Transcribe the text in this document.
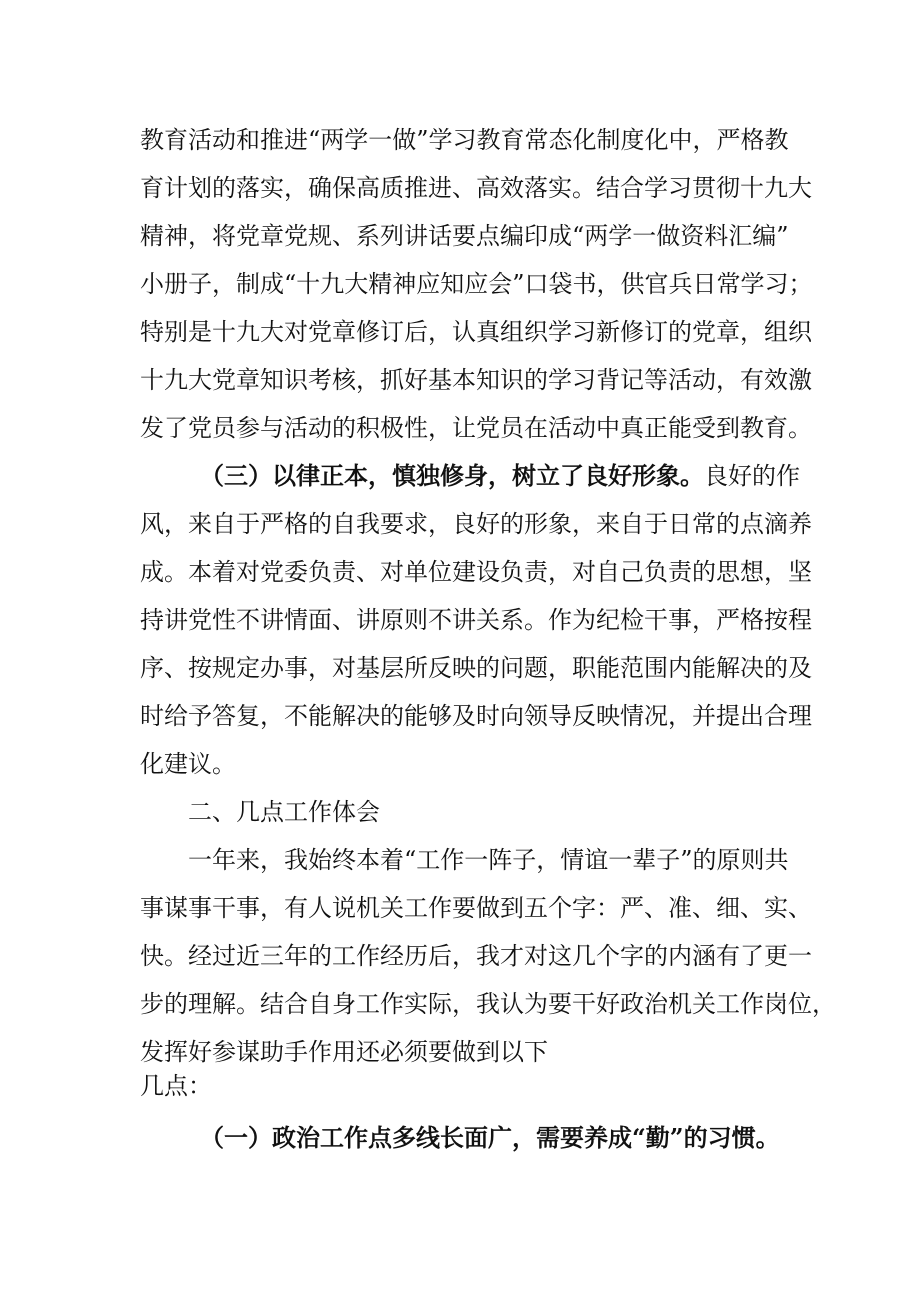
教育活动和推进“两学一做”学习教育常态化制度化中，严格教
育计划的落实，确保高质推进、高效落实。结合学习贯彻十九大
精神，将党章党规、系列讲话要点编印成“两学一做资料汇编”
小册子，制成“十九大精神应知应会”口袋书，供官兵日常学习；
特别是十九大对党章修订后，认真组织学习新修订的党章，组织
十九大党章知识考核，抓好基本知识的学习背记等活动，有效激
发了党员参与活动的积极性，让党员在活动中真正能受到教育。
（三）以律正本，慎独修身，树立了良好形象。 良好的作
风，来自于严格的自我要求，良好的形象，来自于日常的点滴养
成。本着对党委负责、对单位建设负责，对自己负责的思想，坚
持讲党性不讲情面、讲原则不讲关系。作为纪检干事，严格按程
序、按规定办事，对基层所反映的问题，职能范围内能解决的及
时给予答复，不能解决的能够及时向领导反映情况，并提出合理
化建议。
二、几点工作体会
一年来，我始终本着“工作一阵子，情谊一辈子”的原则共
事谋事干事，有人说机关工作要做到五个字：严、准、细、实、
快。经过近三年的工作经历后，我才对这几个字的内涵有了更一
步的理解。结合自身工作实际，我认为要干好政治机关工作岗位，
发挥好参谋助手作用还必须要做到以下
几点：
（一）政治工作点多线长面广，需要养成“勤”的习惯。
